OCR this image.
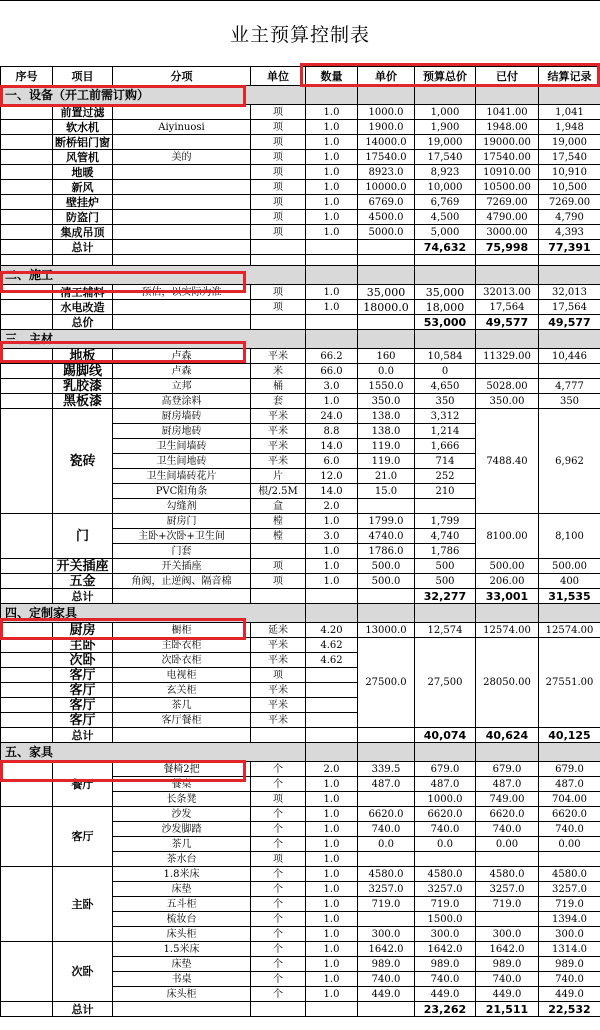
业主预算控制表
序号	项目	分项	单位	数量	单价	预算总价	已付	结算记录
一、设备（开工前需订购）								
	前置过滤		项	1.0	1000.0	1,000	1041.00	1,041
	软水机	Aiyinuosi	项	1.0	1900.0	1,900	1948.00	1,948
	断桥铝门窗		项	1.0	14000.0	19,000	19000.00	19,000
	风管机	美的	项	1.0	17540.0	17,540	17540.00	17,540
	地暖		项	1.0	8923.0	8,923	10910.00	10,910
	新风		项	1.0	10000.0	10,000	10500.00	10,500
	壁挂炉		项	1.0	6769.0	6,769	7269.00	7269.00
	防盗门		项	1.0	4500.0	4,500	4790.00	4,790
	集成吊顶		项	1.0	5000.0	5,000	3000.00	4,393
	总计					74,632	75,998	77,391

二、施工								
	清工辅料	预估，以实际为准	项	1.0	35,000	35,000	32013.00	32,013
	水电改造		项	1.0	18000.0	18,000	17,564	17,564
	总价					53,000	49,577	49,577
三、主材								
	地板	卢森	平米	66.2	160	10,584	11329.00	10,446
	踢脚线	卢森	米	66.0	0.0	0		
	乳胶漆	立邦	桶	3.0	1550.0	4,650	5028.00	4,777
	黑板漆	高登涂料	套	1.0	350.0	350	350.00	350
	瓷砖	厨房墙砖	平米	24.0	138.0	3,312	7488.40	6,962
		厨房地砖	平米	8.8	138.0	1,214		
		卫生间墙砖	平米	14.0	119.0	1,666		
		卫生间地砖	平米	6.0	119.0	714		
		卫生间墙砖花片	片	12.0	21.0	252		
		PVC阳角条	根/2.5M	14.0	15.0	210		
		勾缝剂	盒	2.0				
	门	厨房门	樘	1.0	1799.0	1,799	8100.00	8,100
		主卧+次卧+卫生间	樘	3.0	4740.0	4,740		
		门套		1.0	1786.0	1,786		
	开关插座	开关插座	项	1.0	500.0	500	500.00	500.00
	五金	角阀，止逆阀、隔音棉	项	1.0	500.0	500	206.00	400
	总计					32,277	33,001	31,535
四、定制家具								
	厨房	橱柜	延米	4.20	13000.0	12,574	12574.00	12574.00
	主卧	主卧衣柜	平米	4.62	27500.0	27,500	28050.00	27551.00
	次卧	次卧衣柜	平米	4.62				
	客厅	电视柜	项					
	客厅	玄关柜	平米					
	客厅	茶几	平米					
	客厅	客厅餐柜	平米					
	总计					40,074	40,624	40,125
五、家具								
	餐厅	餐椅2把	个	2.0	339.5	679.0	679.0	679.0
		餐桌	个	1.0	487.0	487.0	487.0	487.0
		长条凳	项	1.0		1000.0	749.00	704.00
	客厅	沙发	个	1.0	6620.0	6620.0	6620.0	6620.0
		沙发脚踏	个	1.0	740.0	740.0	740.0	740.0
		茶几	个	1.0	0.0	0.0	0.00	0.00
		茶水台	项	1.0				
	主卧	1.8米床	个	1.0	4580.0	4580.0	4580.0	4580.0
		床垫	个	1.0	3257.0	3257.0	3257.0	3257.0
		五斗柜	个	1.0	719.0	719.0	719.0	719.0
		梳妆台	个	1.0		1500.0		1394.0
		床头柜	个	1.0	300.0	300.0	300.0	300.0
	次卧	1.5米床	个	1.0	1642.0	1642.0	1642.0	1314.0
		床垫	个	1.0	989.0	989.0	989.0	989.0
		书桌	个	1.0	740.0	740.0	740.0	740.0
		床头柜	个	1.0	449.0	449.0	449.0	449.0
	总计					23,262	21,511	22,532
